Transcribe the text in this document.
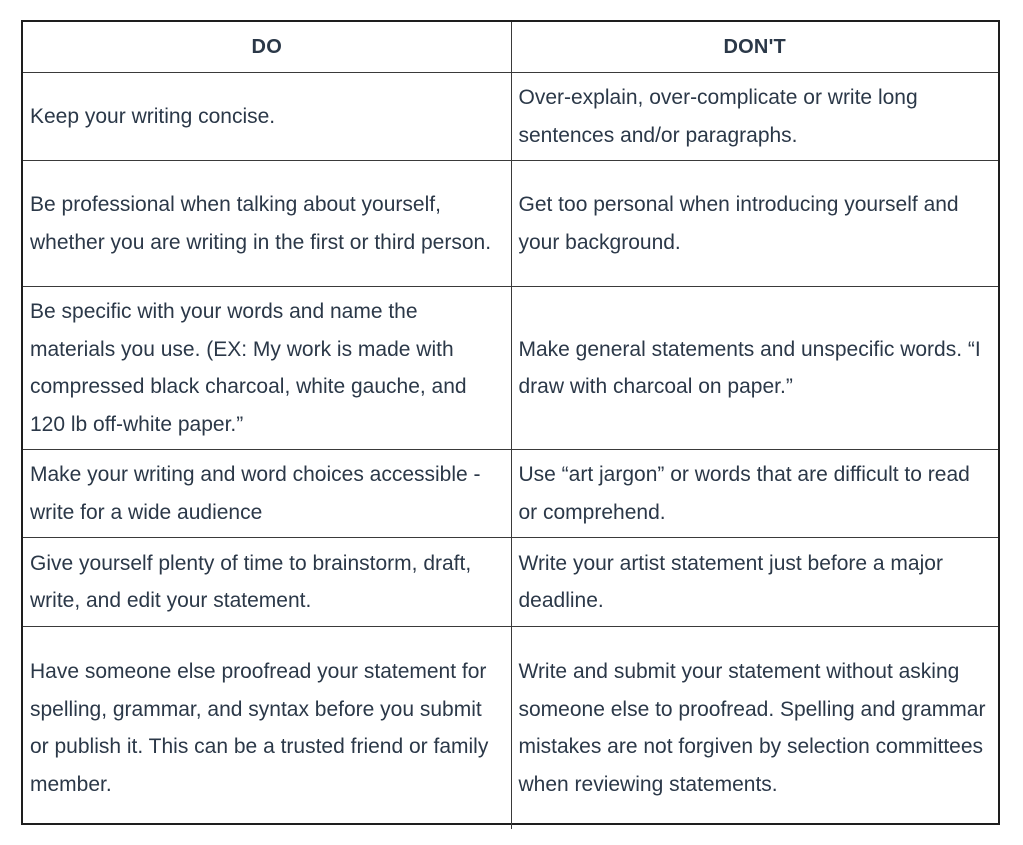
DO	DON'T
Keep your writing concise.	Over-explain, over-complicate or write long sentences and/or paragraphs.
Be professional when talking about yourself, whether you are writing in the first or third person.	Get too personal when introducing yourself and your background.
Be specific with your words and name the materials you use. (EX: My work is made with compressed black charcoal, white gauche, and 120 lb off-white paper.”	Make general statements and unspecific words. “I draw with charcoal on paper.”
Make your writing and word choices accessible - write for a wide audience	Use “art jargon” or words that are difficult to read or comprehend.
Give yourself plenty of time to brainstorm, draft, write, and edit your statement.	Write your artist statement just before a major deadline.
Have someone else proofread your statement for spelling, grammar, and syntax before you submit or publish it. This can be a trusted friend or family member.	Write and submit your statement without asking someone else to proofread. Spelling and grammar mistakes are not forgiven by selection committees when reviewing statements.
